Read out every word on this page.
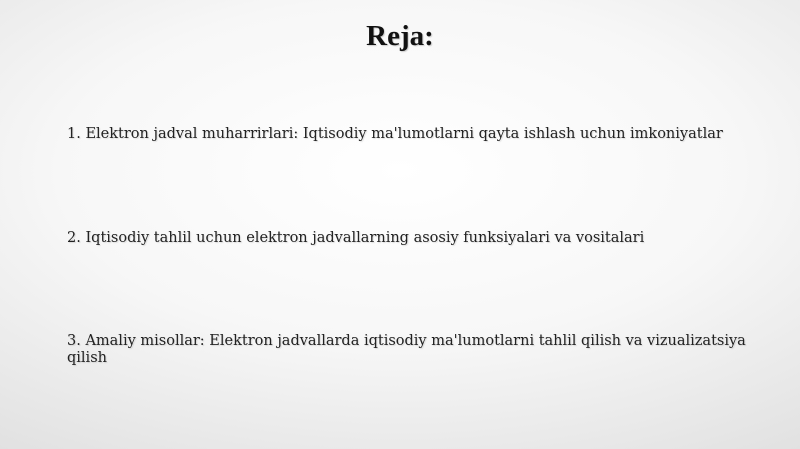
Reja:
1. Elektron jadval muharrirlari: Iqtisodiy ma'lumotlarni qayta ishlash uchun imkoniyatlar
2. Iqtisodiy tahlil uchun elektron jadvallarning asosiy funksiyalari va vositalari
3. Amaliy misollar: Elektron jadvallarda iqtisodiy ma'lumotlarni tahlil qilish va vizualizatsiya qilish
